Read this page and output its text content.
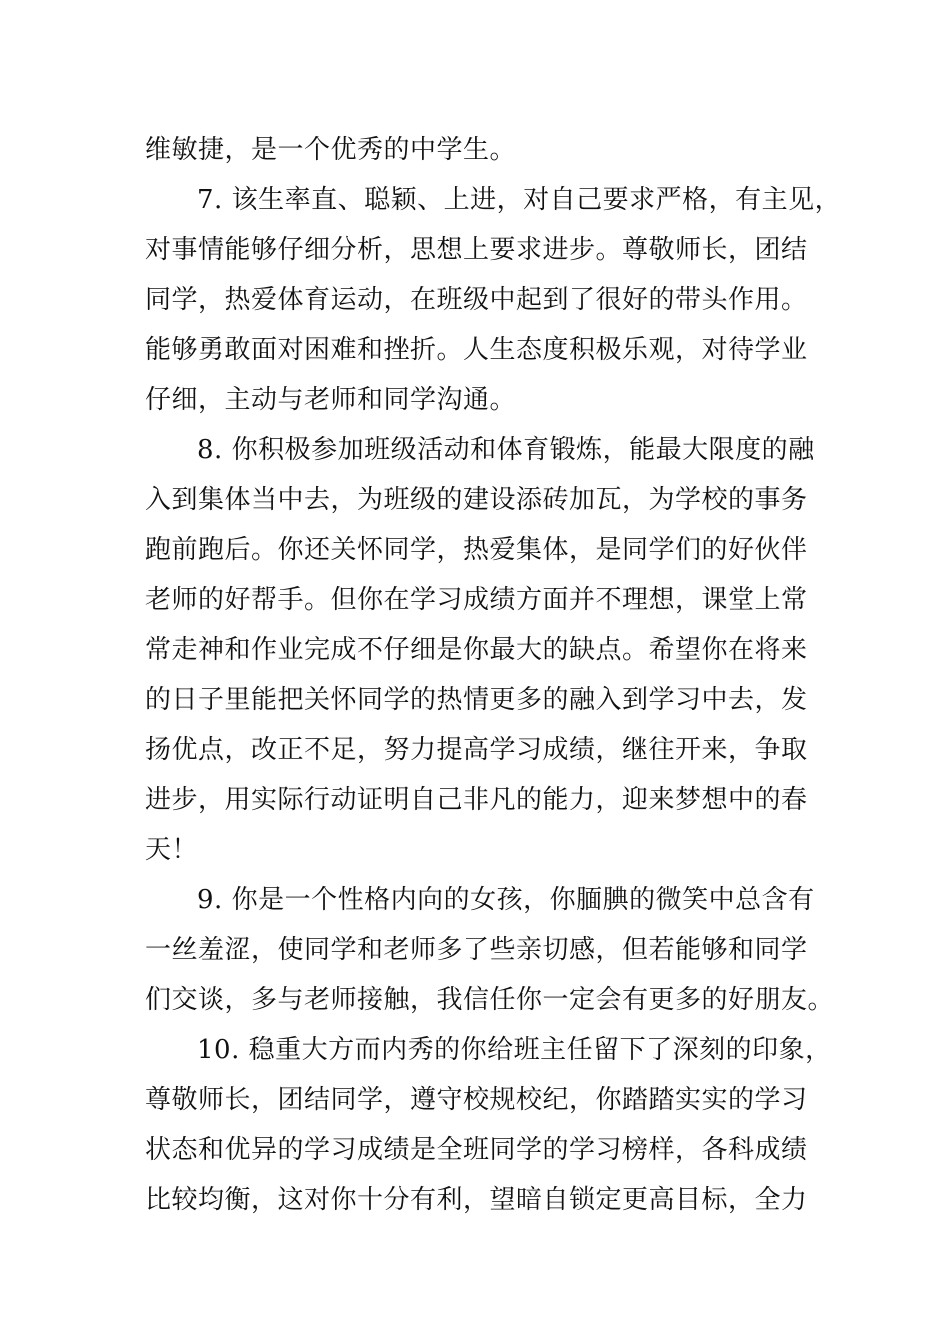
维敏捷，是一个优秀的中学生。
7. 该生率直、聪颖、上进，对自己要求严格，有主见，
对事情能够仔细分析，思想上要求进步。尊敬师长，团结
同学，热爱体育运动，在班级中起到了很好的带头作用。
能够勇敢面对困难和挫折。人生态度积极乐观，对待学业
仔细，主动与老师和同学沟通。
8. 你积极参加班级活动和体育锻炼，能最大限度的融
入到集体当中去，为班级的建设添砖加瓦，为学校的事务
跑前跑后。你还关怀同学，热爱集体，是同学们的好伙伴
老师的好帮手。但你在学习成绩方面并不理想，课堂上常
常走神和作业完成不仔细是你最大的缺点。希望你在将来
的日子里能把关怀同学的热情更多的融入到学习中去，发
扬优点，改正不足，努力提高学习成绩，继往开来，争取
进步，用实际行动证明自己非凡的能力，迎来梦想中的春
天！
9. 你是一个性格内向的女孩，你腼腆的微笑中总含有
一丝羞涩，使同学和老师多了些亲切感，但若能够和同学
们交谈，多与老师接触，我信任你一定会有更多的好朋友。
10. 稳重大方而内秀的你给班主任留下了深刻的印象，
尊敬师长，团结同学，遵守校规校纪，你踏踏实实的学习
状态和优异的学习成绩是全班同学的学习榜样，各科成绩
比较均衡，这对你十分有利，望暗自锁定更高目标，全力
